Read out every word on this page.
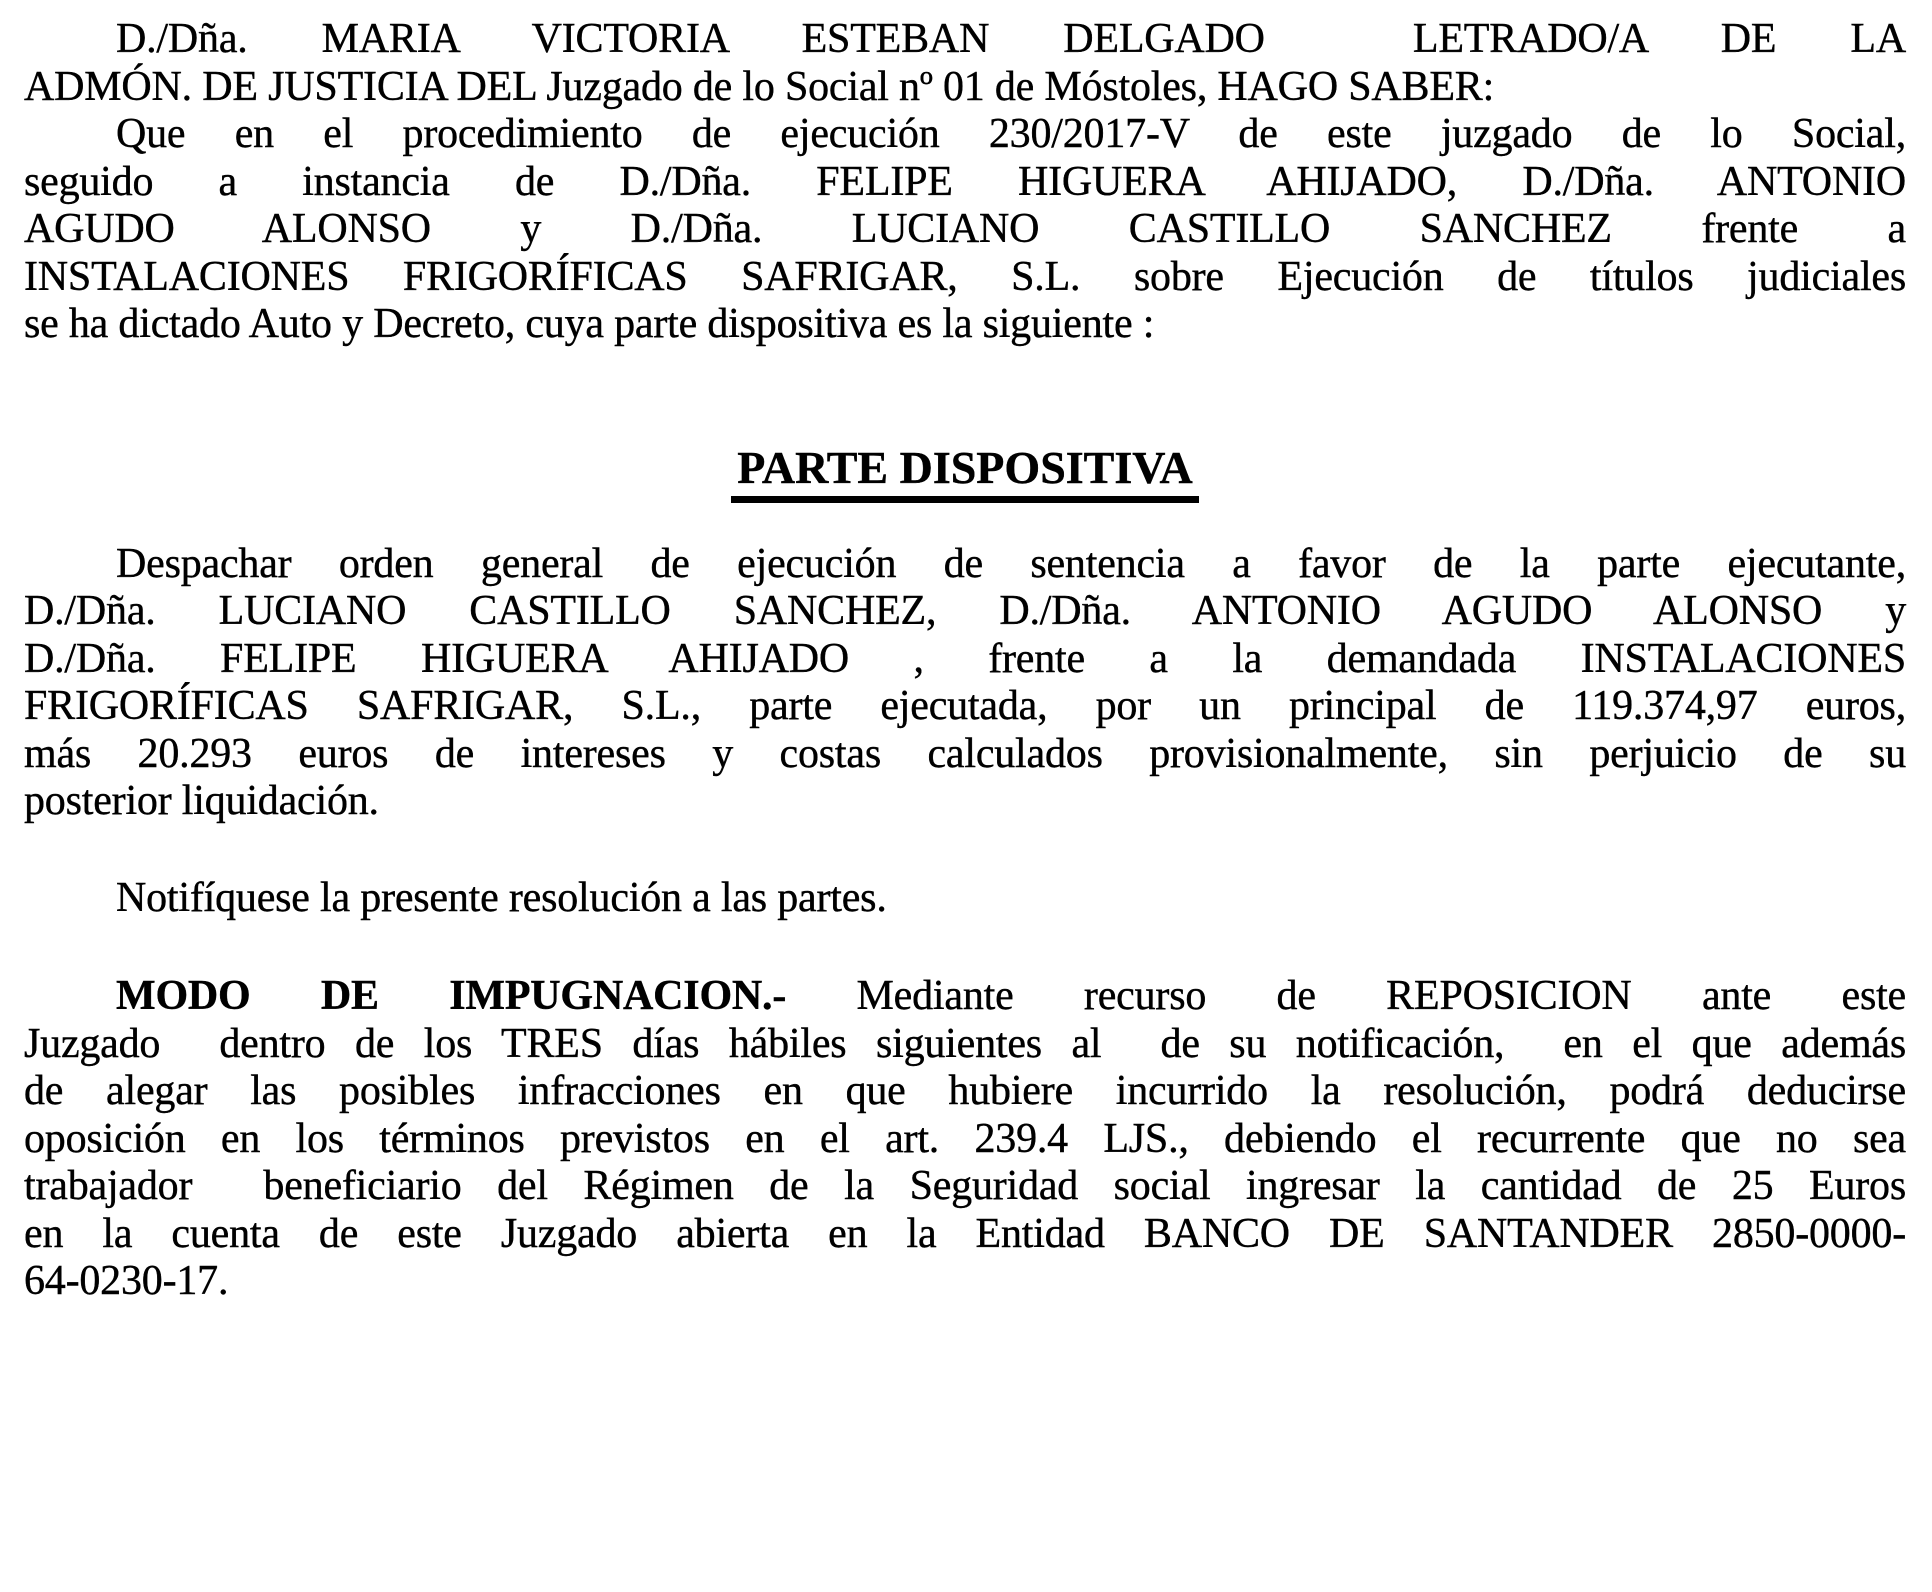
D./Dña. MARIA VICTORIA ESTEBAN DELGADO  LETRADO/A DE LA
ADMÓN. DE JUSTICIA DEL Juzgado de lo Social nº 01 de Móstoles, HAGO SABER:
Que en el procedimiento de ejecución 230/2017-V de este juzgado de lo Social,
seguido a instancia de D./Dña. FELIPE HIGUERA AHIJADO, D./Dña. ANTONIO
AGUDO ALONSO y D./Dña. LUCIANO CASTILLO SANCHEZ frente a
INSTALACIONES FRIGORÍFICAS SAFRIGAR, S.L. sobre Ejecución de títulos judiciales
se ha dictado Auto y Decreto, cuya parte dispositiva es la siguiente :
PARTE DISPOSITIVA
Despachar orden general de ejecución de sentencia a favor de la parte ejecutante,
D./Dña. LUCIANO CASTILLO SANCHEZ, D./Dña. ANTONIO AGUDO ALONSO y
D./Dña. FELIPE HIGUERA AHIJADO , frente a la demandada INSTALACIONES
FRIGORÍFICAS SAFRIGAR, S.L., parte ejecutada, por un principal de 119.374,97 euros,
más 20.293 euros de intereses y costas calculados provisionalmente, sin perjuicio de su
posterior liquidación.
Notifíquese la presente resolución a las partes.
MODO DE IMPUGNACION.- Mediante recurso de REPOSICION ante este
Juzgado  dentro de los TRES días hábiles siguientes al  de su notificación,  en el que además
de alegar las posibles infracciones en que hubiere incurrido la resolución, podrá deducirse
oposición en los términos previstos en el art. 239.4 LJS., debiendo el recurrente que no sea
trabajador  beneficiario del Régimen de la Seguridad social ingresar la cantidad de 25 Euros
en la cuenta de este Juzgado abierta en la Entidad BANCO DE SANTANDER 2850-0000-
64-0230-17.
